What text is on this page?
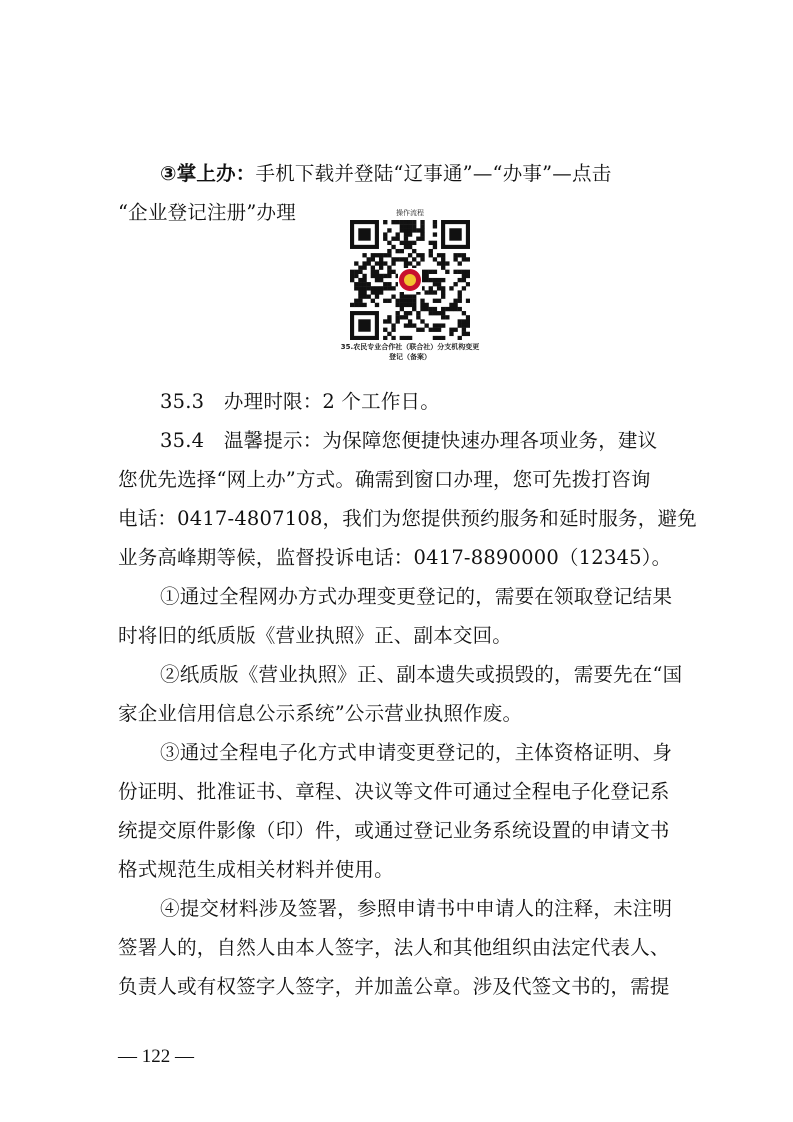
③掌上办：手机下载并登陆“辽事通”—“办事”—点击
“企业登记注册”办理	操作流程
35.农民专业合作社（联合社）分支机构变更
登记（备案）
35.3　办理时限：2 个工作日。
35.4　温馨提示：为保障您便捷快速办理各项业务，建议
您优先选择“网上办”方式。确需到窗口办理，您可先拨打咨询
电话：0417-4807108，我们为您提供预约服务和延时服务，避免
业务高峰期等候，监督投诉电话：0417-8890000（12345）。
①通过全程网办方式办理变更登记的，需要在领取登记结果
时将旧的纸质版《营业执照》正、副本交回。
②纸质版《营业执照》正、副本遗失或损毁的，需要先在“国
家企业信用信息公示系统”公示营业执照作废。
③通过全程电子化方式申请变更登记的，主体资格证明、身
份证明、批准证书、章程、决议等文件可通过全程电子化登记系
统提交原件影像（印）件，或通过登记业务系统设置的申请文书
格式规范生成相关材料并使用。
④提交材料涉及签署，参照申请书中申请人的注释，未注明
签署人的，自然人由本人签字，法人和其他组织由法定代表人、
负责人或有权签字人签字，并加盖公章。涉及代签文书的，需提
— 122 —
